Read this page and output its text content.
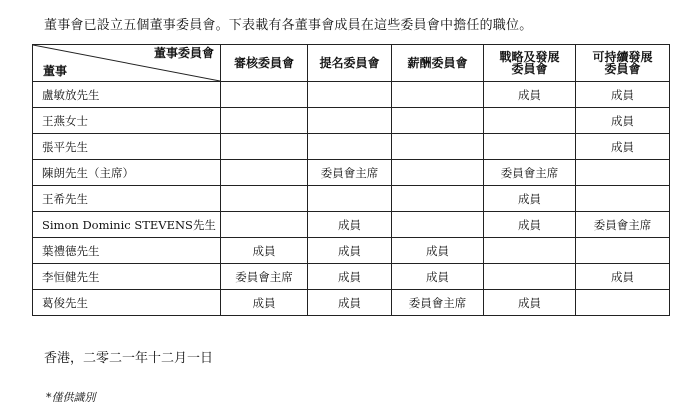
董事會已設立五個董事委員會。下表載有各董事會成員在這些委員會中擔任的職位。
董事委員會
董事	審核委員會	提名委員會	薪酬委員會	戰略及發展委員會	可持續發展委員會
盧敏放先生				成員	成員
王燕女士					成員
張平先生					成員
陳朗先生（主席）		委員會主席		委員會主席	
王希先生				成員	
Simon Dominic STEVENS先生		成員		成員	委員會主席
葉禮德先生	成員	成員	成員		
李恒健先生	委員會主席	成員	成員		成員
葛俊先生	成員	成員	委員會主席	成員	
香港，二零二一年十二月一日
*僅供識別
